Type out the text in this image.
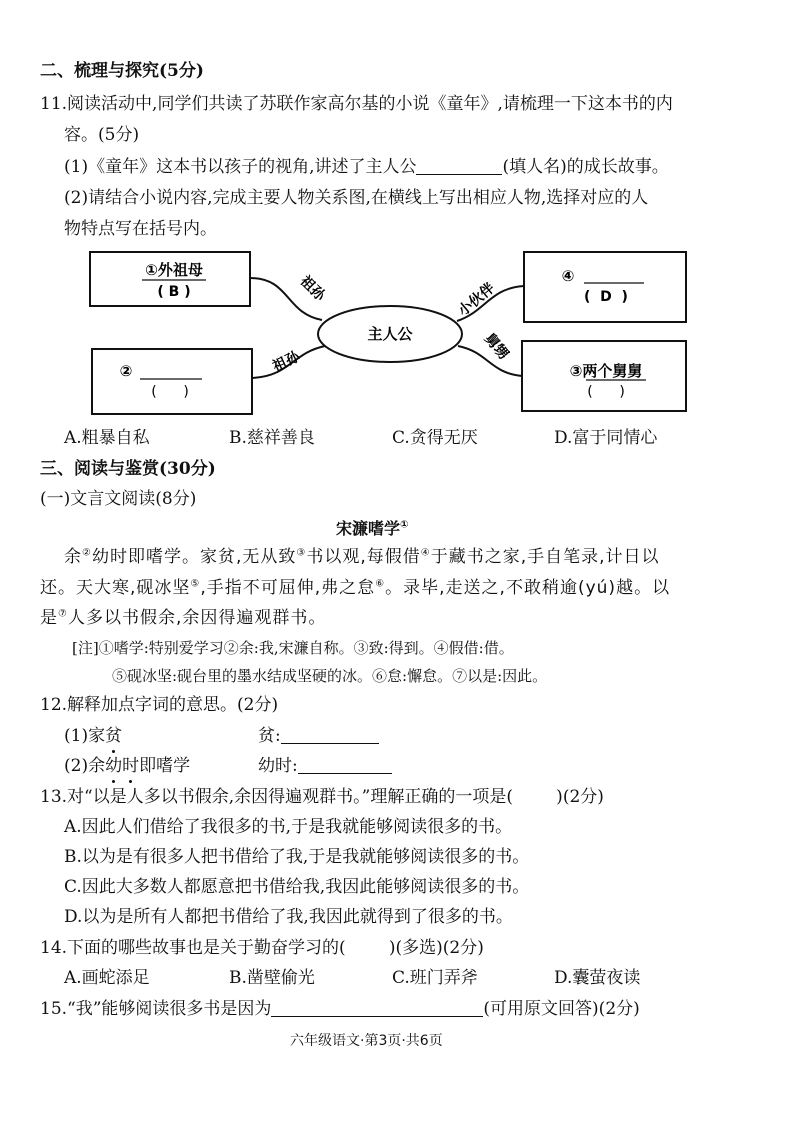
二、梳理与探究(5分)
11.阅读活动中,同学们共读了苏联作家高尔基的小说《童年》,请梳理一下这本书的内
容。(5分)
(1)《童年》这本书以孩子的视角,讲述了主人公	(填人名)的成长故事。
(2)请结合小说内容,完成主要人物关系图,在横线上写出相应人物,选择对应的人
物特点写在括号内。
①外祖母
( B )
②
(      )
④
(  D  )
③两个舅舅
(      )
主人公
祖孙
祖孙
小伙伴
舅甥
A.粗暴自私	B.慈祥善良	C.贪得无厌	D.富于同情心
三、阅读与鉴赏(30分)
(一)文言文阅读(8分)
宋濂嗜学①
余②幼时即嗜学。家贫,无从致③书以观,每假借④于藏书之家,手自笔录,计日以
还。天大寒,砚冰坚⑤,手指不可屈伸,弗之怠⑥。录毕,走送之,不敢稍逾(yú)越。以
是⑦人多以书假余,余因得遍观群书。
[注]①嗜学:特别爱学习②余:我,宋濂自称。③致:得到。④假借:借。
⑤砚冰坚:砚台里的墨水结成坚硬的冰。⑥怠:懈怠。⑦以是:因此。
12.解释加点字词的意思。(2分)
(1)家贫	贫:
(2)余幼时即嗜学	幼时:
13.对“以是人多以书假余,余因得遍观群书。”理解正确的一项是(        )(2分)
A.因此人们借给了我很多的书,于是我就能够阅读很多的书。
B.以为是有很多人把书借给了我,于是我就能够阅读很多的书。
C.因此大多数人都愿意把书借给我,我因此能够阅读很多的书。
D.以为是所有人都把书借给了我,我因此就得到了很多的书。
14.下面的哪些故事也是关于勤奋学习的(        )(多选)(2分)
A.画蛇添足	B.凿壁偷光	C.班门弄斧	D.囊萤夜读
15.“我”能够阅读很多书是因为	(可用原文回答)(2分)
六年级语文·第3页·共6页
